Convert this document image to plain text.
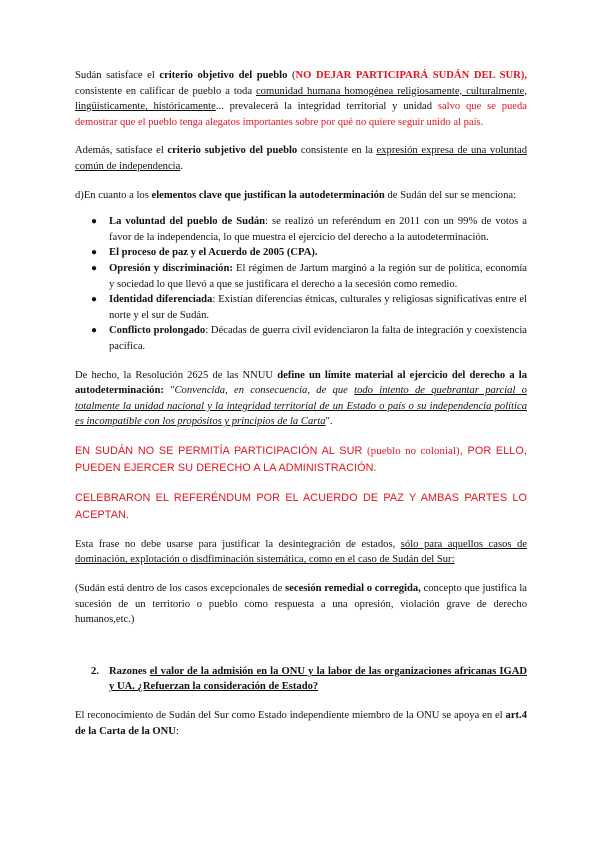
Sudán satisface el criterio objetivo del pueblo (NO DEJAR PARTICIPARÁ SUDÁN DEL SUR), consistente en calificar de pueblo a toda comunidad humana homogénea religiosamente, culturalmente, lingüísticamente, históricamente... prevalecerá la integridad territorial y unidad salvo que se pueda demostrar que el pueblo tenga alegatos importantes sobre por qué no quiere seguir unido al país.

Además, satisface el criterio subjetivo del pueblo consistente en la expresión expresa de una voluntad común de independencia.

d)En cuanto a los elementos clave que justifican la autodeterminación de Sudán del sur se menciona:

● La voluntad del pueblo de Sudán: se realizó un referéndum en 2011 con un 99% de votos a favor de la independencia, lo que muestra el ejercicio del derecho a la autodeterminación.
● El proceso de paz y el Acuerdo de 2005 (CPA).
● Opresión y discriminación: El régimen de Jartum marginó a la región sur de política, economía y sociedad lo que llevó a que se justificara el derecho a la secesión como remedio.
● Identidad diferenciada: Existían diferencias étnicas, culturales y religiosas significativas entre el norte y el sur de Sudán.
● Conflicto prolongado: Décadas de guerra civil evidenciaron la falta de integración y coexistencia pacífica.

De hecho, la Resolución 2625 de las NNUU define un límite material al ejercicio del derecho a la autodeterminación: "Convencida, en consecuencia, de que todo intento de quebrantar parcial o totalmente la unidad nacional y la integridad territorial de un Estado o país o su independencia política es incompatible con los propósitos y principios de la Carta".

EN SUDÁN NO SE PERMITÍA PARTICIPACIÓN AL SUR (pueblo no colonial), POR ELLO, PUEDEN EJERCER SU DERECHO A LA ADMINISTRACIÓN.

CELEBRARON EL REFERÉNDUM POR EL ACUERDO DE PAZ Y AMBAS PARTES LO ACEPTAN.

Esta frase no debe usarse para justificar la desintegración de estados, sólo para aquellos casos de dominación, explotación o disdfiminación sistemática, como en el caso de Sudán del Sur:

(Sudán está dentro de los casos excepcionales de secesión remedial o corregida, concepto que justifica la sucesión de un territorio o pueblo como respuesta a una opresión, violación grave de derecho humanos,etc.)

2. Razones el valor de la admisión en la ONU y la labor de las organizaciones africanas IGAD y UA. ¿Refuerzan la consideración de Estado?

El reconocimiento de Sudán del Sur como Estado independiente miembro de la ONU se apoya en el art.4 de la Carta de la ONU:
